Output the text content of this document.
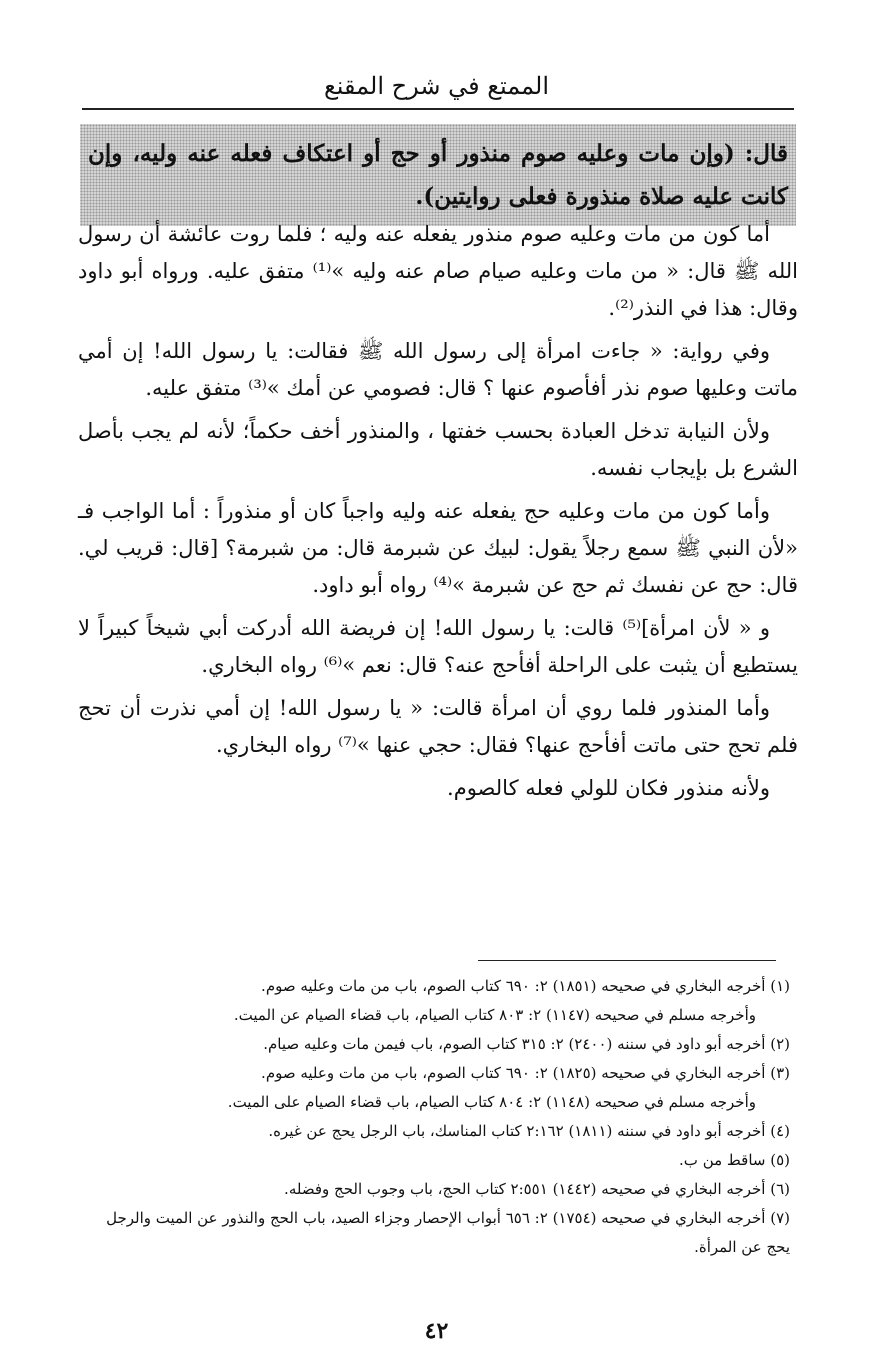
الممتع في شرح المقنع
قال: (وإن مات وعليه صوم منذور أو حج أو اعتكاف فعله عنه وليه، وإن كانت عليه صلاة منذورة فعلى روايتين).

أما كون من مات وعليه صوم منذور يفعله عنه وليه ؛ فلما روت عائشة أن رسول الله ﷺ قال: « من مات وعليه صيام صام عنه وليه »⁽¹⁾ متفق عليه. ورواه أبو داود وقال: هذا في النذر⁽²⁾.

وفي رواية: « جاءت امرأة إلى رسول الله ﷺ فقالت: يا رسول الله! إن أمي ماتت وعليها صوم نذر أفأصوم عنها ؟ قال: فصومي عن أمك »⁽³⁾ متفق عليه.

ولأن النيابة تدخل العبادة بحسب خفتها ، والمنذور أخف حكماً؛ لأنه لم يجب بأصل الشرع بل بإيجاب نفسه.

وأما كون من مات وعليه حج يفعله عنه وليه واجباً كان أو منذوراً : أما الواجب فـ «لأن النبي ﷺ سمع رجلاً يقول: لبيك عن شبرمة قال: من شبرمة؟ [قال: قريب لي. قال: حج عن نفسك ثم حج عن شبرمة »⁽⁴⁾ رواه أبو داود.

و « لأن امرأة]⁽⁵⁾ قالت: يا رسول الله! إن فريضة الله أدركت أبي شيخاً كبيراً لا يستطيع أن يثبت على الراحلة أفأحج عنه؟ قال: نعم »⁽⁶⁾ رواه البخاري.

وأما المنذور فلما روي أن امرأة قالت: « يا رسول الله! إن أمي نذرت أن تحج فلم تحج حتى ماتت أفأحج عنها؟ فقال: حجي عنها »⁽⁷⁾ رواه البخاري.

ولأنه منذور فكان للولي فعله كالصوم.

(١) أخرجه البخاري في صحيحه (١٨٥١) ٢: ٦٩٠ كتاب الصوم، باب من مات وعليه صوم.

وأخرجه مسلم في صحيحه (١١٤٧) ٢: ٨٠٣ كتاب الصيام، باب قضاء الصيام عن الميت.

(٢) أخرجه أبو داود في سننه (٢٤٠٠) ٢: ٣١٥ كتاب الصوم، باب فيمن مات وعليه صيام.

(٣) أخرجه البخاري في صحيحه (١٨٢٥) ٢: ٦٩٠ كتاب الصوم، باب من مات وعليه صوم.

وأخرجه مسلم في صحيحه (١١٤٨) ٢: ٨٠٤ كتاب الصيام، باب قضاء الصيام على الميت.

(٤) أخرجه أبو داود في سننه (١٨١١) ٢:١٦٢ كتاب المناسك، باب الرجل يحج عن غيره.

(٥) ساقط من ب.

(٦) أخرجه البخاري في صحيحه (١٤٤٢) ٢:٥٥١ كتاب الحج، باب وجوب الحج وفضله.

(٧) أخرجه البخاري في صحيحه (١٧٥٤) ٢: ٦٥٦ أبواب الإحصار وجزاء الصيد، باب الحج والنذور عن الميت والرجل يحج عن المرأة.

٤٢
